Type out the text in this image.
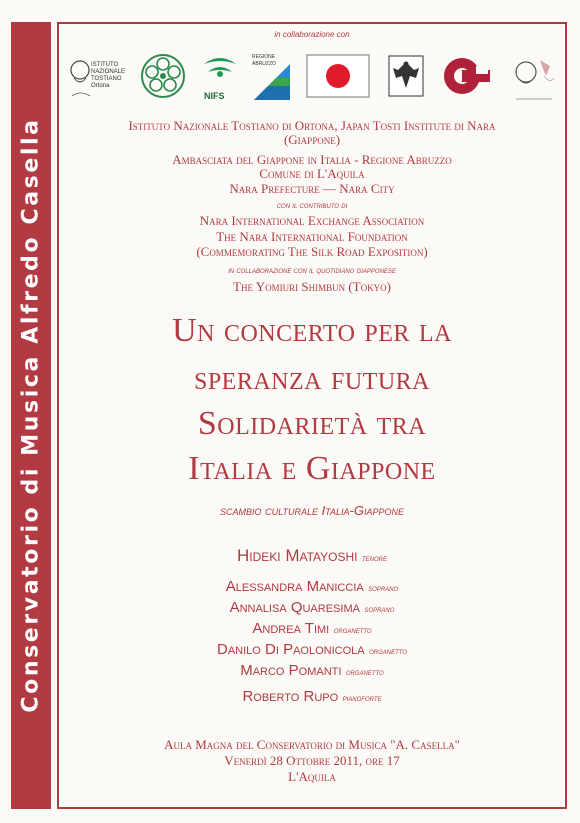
Conservatorio di Musica Alfredo Casella
in collaborazione con
ISTITUTO NAZIONALE TOSTIANO Ortona
NIFS
REGIONE ABRUZZO
Istituto Nazionale Tostiano di Ortona, Japan Tosti Institute di Nara
(Giappone)
Ambasciata del Giappone in Italia - Regione Abruzzo
Comune di L'Aquila
Nara Prefecture — Nara City
con il contributo di
Nara International Exchange Association
The Nara International Foundation
(Commemorating The Silk Road Exposition)
in collaborazione con il quotidiano giapponese
The Yomiuri Shimbun (Tokyo)
Un concerto per la
speranza futura
Solidarietà tra
Italia e Giappone
scambio culturale Italia-Giappone
Hideki Matayoshi tenore
Alessandra Maniccia soprano
Annalisa Quaresima soprano
Andrea Timi organetto
Danilo Di Paolonicola organetto
Marco Pomanti organetto
Roberto Rupo pianoforte
Aula Magna del Conservatorio di Musica "A. Casella"
Venerdì 28 Ottobre 2011, ore 17
L'Aquila
